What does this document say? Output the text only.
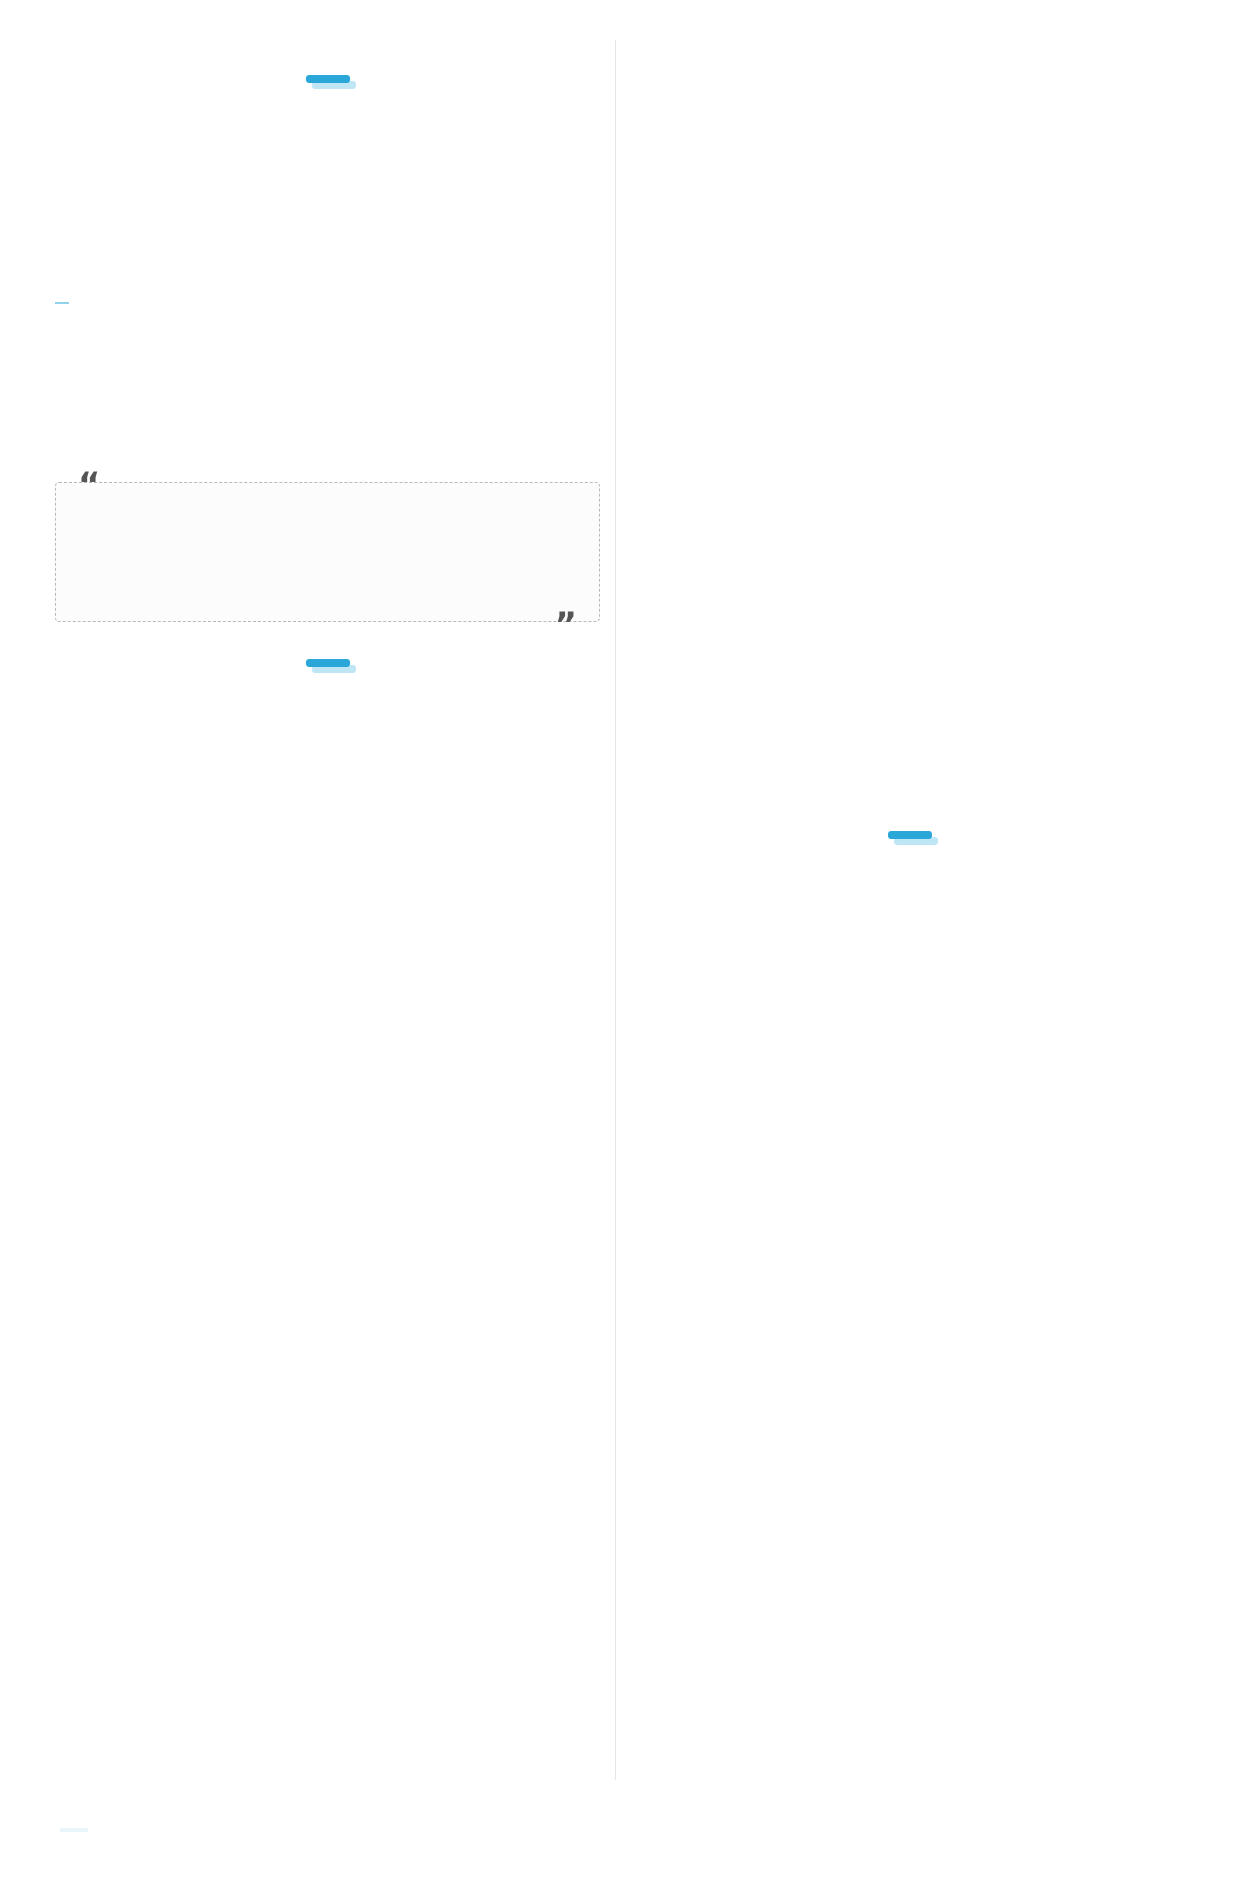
“

”
